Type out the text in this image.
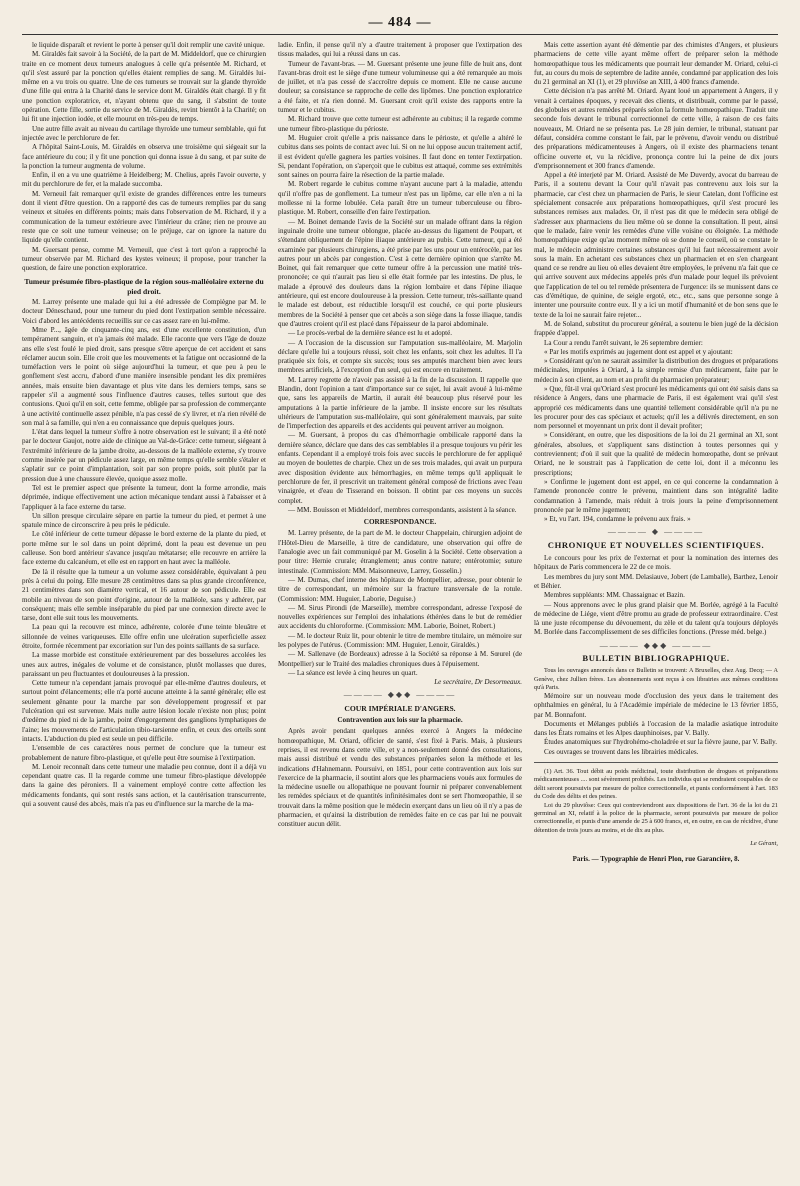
— 484 —

le liquide disparaît et revient le porte à penser qu'il doit remplir une cavité unique.

M. Giraldès fait savoir à la Société, de la part de M. Middeldorf, que ce chirurgien traite en ce moment deux tumeurs analogues à celle qu'a présentée M. Richard, et qu'il s'est assuré par la ponction qu'elles étaient remplies de sang. M. Giraldès lui-même en a vu trois ou quatre. Une de ces tumeurs se trouvait sur la glande thyroïde d'une fille qui entra à la Charité dans le service dont M. Giraldès était chargé. Il y fit une ponction exploratrice, et, n'ayant obtenu que du sang, il s'abstint de toute opération. Cette fille, sortie du service de M. Giraldès, revint bientôt à la Charité; on lui fit une injection iodée, et elle mourut en très-peu de temps.

Une autre fille avait au niveau du cartilage thyroïde une tumeur semblable, qui fut injectée avec le perchlorure de fer.

A l'hôpital Saint-Louis, M. Giraldès en observa une troisième qui siégeait sur la face antérieure du cou; il y fit une ponction qui donna issue à du sang, et par suite de la ponction la tumeur augmenta de volume.

Enfin, il en a vu une quatrième à Heidelberg; M. Chelius, après l'avoir ouverte, y mit du perchlorure de fer, et la malade succomba.

M. Verneuil fait remarquer qu'il existe de grandes différences entre les tumeurs dont il vient d'être question. On a rapporté des cas de tumeurs remplies par du sang veineux et situées en différents points; mais dans l'observation de M. Richard, il y a communication de la tumeur extérieure avec l'intérieur du crâne; rien ne prouve au reste que ce soit une tumeur veineuse; on le préjuge, car on ignore la nature du liquide qu'elle contient.

M. Guersant pense, comme M. Verneuil, que c'est à tort qu'on a rapproché la tumeur observée par M. Richard des kystes veineux; il propose, pour trancher la question, de faire une ponction exploratrice.

Tumeur présumée fibro-plastique de la région sous-malléolaire externe du pied droit.

M. Larrey présente une malade qui lui a été adressée de Compiègne par M. le docteur Déneschaud, pour une tumeur du pied dont l'extirpation semble nécessaire. Voici d'abord les antécédents recueillis sur ce cas assez rare en lui-même.

Mme P..., âgée de cinquante-cinq ans, est d'une excellente constitution, d'un tempérament sanguin, et n'a jamais été malade. Elle raconte que vers l'âge de douze ans elle s'est foulé le pied droit, sans presque s'être aperçue de cet accident et sans réclamer aucun soin. Elle croit que les mouvements et la fatigue ont occasionné de la tuméfaction vers le point où siège aujourd'hui la tumeur, et que peu à peu le gonflement s'est accru, d'abord d'une manière insensible pendant les dix premières années, mais ensuite bien davantage et plus vite dans les derniers temps, sans se rappeler s'il a augmenté sous l'influence d'autres causes, telles surtout que des contusions. Quoi qu'il en soit, cette femme, obligée par sa profession de commerçante à une activité continuelle assez pénible, n'a pas cessé de s'y livrer, et n'a rien révélé de son mal à sa famille, qui n'en a eu connaissance que depuis quelques jours.

L'état dans lequel la tumeur s'offre à notre observation est le suivant; il a été noté par le docteur Gaujot, notre aide de clinique au Val-de-Grâce: cette tumeur, siégeant à l'extrémité inférieure de la jambe droite, au-dessous de la malléole externe, s'y trouve comme insérée par un pédicule assez large, en même temps qu'elle semble s'étaler et s'aplatir sur ce point d'implantation, soit par son propre poids, soit plutôt par la pression due à une chaussure élevée, quoique assez molle.

Tel est le premier aspect que présente la tumeur, dont la forme arrondie, mais déprimée, indique effectivement une action mécanique tendant aussi à l'abaisser et à l'appliquer à la face externe du tarse.

Un sillon presque circulaire sépare en partie la tumeur du pied, et permet à une spatule mince de circonscrire à peu près le pédicule.

Le côté inférieur de cette tumeur dépasse le bord externe de la plante du pied, et porte même sur le sol dans un point déprimé, dont la peau est devenue un peu calleuse. Son bord antérieur s'avance jusqu'au métatarse; elle recouvre en arrière la face externe du calcanéum, et elle est en rapport en haut avec la malléole.

De là il résulte que la tumeur a un volume assez considérable, équivalant à peu près à celui du poing. Elle mesure 28 centimètres dans sa plus grande circonférence, 21 centimètres dans son diamètre vertical, et 16 autour de son pédicule. Elle est mobile au niveau de son point d'origine, autour de la malléole, sans y adhérer, par conséquent; mais elle semble inséparable du pied par une connexion directe avec le tarse, dont elle suit tous les mouvements.

La peau qui la recouvre est mince, adhérente, colorée d'une teinte bleuâtre et sillonnée de veines variqueuses. Elle offre enfin une ulcération superficielle assez étroite, formée récemment par excoriation sur l'un des points saillants de sa surface.

La masse morbide est constituée extérieurement par des bosselures accolées les unes aux autres, inégales de volume et de consistance, plutôt mollasses que dures, paraissant un peu fluctuantes et douloureuses à la pression.

Cette tumeur n'a cependant jamais provoqué par elle-même d'autres douleurs, et surtout point d'élancements; elle n'a porté aucune atteinte à la santé générale; elle est seulement gênante pour la marche par son développement progressif et par l'ulcération qui est survenue. Mais nulle autre lésion locale n'existe non plus; point d'œdème du pied ni de la jambe, point d'engorgement des ganglions lymphatiques de l'aine; les mouvements de l'articulation tibio-tarsienne enfin, et ceux des orteils sont intacts. L'abduction du pied est seule un peu difficile.

L'ensemble de ces caractères nous permet de conclure que la tumeur est probablement de nature fibro-plastique, et qu'elle peut être soumise à l'extirpation.

M. Lenoir reconnaît dans cette tumeur une maladie peu connue, dont il a déjà vu cependant quatre cas. Il la regarde comme une tumeur fibro-plastique développée dans la gaine des péroniers. Il a vainement employé contre cette affection les médicaments fondants, qui sont restés sans action, et la cautérisation transcurrente, qui a souvent causé des abcès, mais n'a pas eu d'influence sur la marche de la ma-

ladie. Enfin, il pense qu'il n'y a d'autre traitement à proposer que l'extirpation des tissus malades, qui lui a réussi dans un cas.

Tumeur de l'avant-bras. — M. Guersant présente une jeune fille de huit ans, dont l'avant-bras droit est le siège d'une tumeur volumineuse qui a été remarquée au mois de juillet, et n'a pas cessé de s'accroître depuis ce moment. Elle ne cause aucune douleur; sa consistance se rapproche de celle des lipômes. Une ponction exploratrice a été faite, et n'a rien donné. M. Guersant croit qu'il existe des rapports entre la tumeur et le cubitus.

M. Richard trouve que cette tumeur est adhérente au cubitus; il la regarde comme une tumeur fibro-plastique du périoste.

M. Huguier croit qu'elle a pris naissance dans le périoste, et qu'elle a altéré le cubitus dans ses points de contact avec lui. Si on ne lui oppose aucun traitement actif, il est évident qu'elle gagnera les parties voisines. Il faut donc en tenter l'extirpation. Si, pendant l'opération, on s'aperçoit que le cubitus est attaqué, comme ses extrémités sont saines on pourra faire la résection de la partie malade.

M. Robert regarde le cubitus comme n'ayant aucune part à la maladie, attendu qu'il n'offre pas de gonflement. La tumeur n'est pas un lipôme, car elle n'en a ni la mollesse ni la forme lobulée. Cela paraît être un tumeur tuberculeuse ou fibro-plastique. M. Robert, conseille d'en faire l'extirpation.

— M. Boinet demande l'avis de la Société sur un malade offrant dans la région inguinale droite une tumeur oblongue, placée au-dessus du ligament de Poupart, et s'étendant obliquement de l'épine iliaque antérieure au pubis. Cette tumeur, qui a été examinée par plusieurs chirurgiens, a été prise par les uns pour un entérocèle, par les autres pour un abcès par congestion. C'est à cette dernière opinion que s'arrête M. Boinet, qui fait remarquer que cette tumeur offre à la percussion une matité très-prononcée; ce qui n'aurait pas lieu si elle était formée par les intestins. De plus, le malade a éprouvé des douleurs dans la région lombaire et dans l'épine iliaque antérieure, qui est encore douloureuse à la pression. Cette tumeur, très-saillante quand le malade est debout, est réductible lorsqu'il est couché, ce qui porte plusieurs membres de la Société à penser que cet abcès a son siège dans la fosse iliaque, tandis que d'autres croient qu'il est placé dans l'épaisseur de la paroi abdominale.

— Le procès-verbal de la dernière séance est lu et adopté.

— A l'occasion de la discussion sur l'amputation sus-malléolaire, M. Marjolin déclare qu'elle lui a toujours réussi, soit chez les enfants, soit chez les adultes. Il l'a pratiquée six fois, et compte six succès; tous ses amputés marchent bien avec leurs membres artificiels, à l'exception d'un seul, qui est encore en traitement.

M. Larrey regrette de n'avoir pas assisté à la fin de la discussion. Il rappelle que Blandin, dont l'opinion a tant d'importance sur ce sujet, lui avait avoué à lui-même que, sans les appareils de Martin, il aurait été beaucoup plus réservé pour les amputations à la partie inférieure de la jambe. Il insiste encore sur les résultats ultérieurs de l'amputation sus-malléolaire, qui sont généralement mauvais, par suite de l'imperfection des appareils et des accidents qui peuvent arriver au moignon.

— M. Guersant, à propos du cas d'hémorrhagie ombilicale rapporté dans la dernière séance, déclare que dans des cas semblables il a presque toujours vu périr les enfants. Cependant il a employé trois fois avec succès le perchlorure de fer appliqué au moyen de boulettes de charpie. Chez un de ses trois malades, qui avait un purpura avec disposition évidente aux hémorrhagies, en même temps qu'il appliquait le perchlorure de fer, il prescrivit un traitement général composé de frictions avec l'eau vinaigrée, et d'eau de Tisserand en boisson. Il obtint par ces moyens un succès complet.

— MM. Bouisson et Middeldorf, membres correspondants, assistent à la séance.

CORRESPONDANCE.

M. Larrey présente, de la part de M. le docteur Chappelain, chirurgien adjoint de l'Hôtel-Dieu de Marseille, à titre de candidature, une observation qui offre de l'analogie avec un fait communiqué par M. Goselin à la Société. Cette observation a pour titre: Hernie crurale; étranglement; anus contre nature; entérotomie; suture intestinale. (Commission: MM. Maisonneuve, Larrey, Gosselin.)

— M. Dumas, chef interne des hôpitaux de Montpellier, adresse, pour obtenir le titre de correspondant, un mémoire sur la fracture transversale de la rotule. (Commission: MM. Huguier, Laborie, Deguise.)

— M. Sirus Pirondi (de Marseille), membre correspondant, adresse l'exposé de nouvelles expériences sur l'emploi des inhalations éthérées dans le but de remédier aux accidents du chloroforme. (Commission: MM. Laborie, Boinet, Robert.)

— M. le docteur Ruiz lit, pour obtenir le titre de membre titulaire, un mémoire sur les polypes de l'utérus. (Commission: MM. Huguier, Lenoir, Giraldès.)

— M. Sallenave (de Bordeaux) adresse à la Société sa réponse à M. Sœurel (de Montpellier) sur le Traité des maladies chroniques dues à l'épuisement.

— La séance est levée à cinq heures un quart.

Le secrétaire, Dr Desormeaux.

———— ◆◆◆ ————
COUR IMPÉRIALE D'ANGERS.
Contravention aux lois sur la pharmacie.

Après avoir pendant quelques années exercé à Angers la médecine homœopathique, M. Oriard, officier de santé, s'est fixé à Paris. Mais, à plusieurs reprises, il est revenu dans cette ville, et y a non-seulement donné des consultations, mais aussi distribué et vendu des substances préparées selon la méthode et les indications d'Hahnemann. Poursuivi, en 1851, pour cette contravention aux lois sur l'exercice de la pharmacie, il soutint alors que les pharmaciens voués aux formules de la médecine usuelle ou allopathique ne pouvant fournir ni préparer convenablement les remèdes spéciaux et de quantités infinitésimales dont se sert l'homœopathie, il se trouvait dans la même position que le médecin exerçant dans un lieu où il n'y a pas de pharmacien, et qu'ainsi la distribution de remèdes faite en ce cas par lui ne pouvait constituer aucun délit.

Mais cette assertion ayant été démentie par des chimistes d'Angers, et plusieurs pharmaciens de cette ville ayant même offert de préparer selon la méthode homœopathique tous les médicaments que pourrait leur demander M. Oriard, celui-ci fut, au cours du mois de septembre de ladite année, condamné par application des lois du 21 germinal an XI (1), et 29 pluviôse an XIII, à 400 francs d'amende.

Cette décision n'a pas arrêté M. Oriard. Ayant loué un appartement à Angers, il y venait à certaines époques, y recevait des clients, et distribuait, comme par le passé, des globules et autres remèdes préparés selon la formule homœopathique. Traduit une seconde fois devant le tribunal correctionnel de cette ville, à raison de ces faits nouveaux, M. Oriard ne se présenta pas. Le 28 juin dernier, le tribunal, statuant par défaut, considéra comme constant le fait, par le prévenu, d'avoir vendu ou distribué des préparations médicamenteuses à Angers, où il existe des pharmaciens tenant officine ouverte et, vu la récidive, prononça contre lui la peine de dix jours d'emprisonnement et 300 francs d'amende.

Appel a été interjeté par M. Oriard. Assisté de Me Duverdy, avocat du barreau de Paris, il a soutenu devant la Cour qu'il n'avait pas contrevenu aux lois sur la pharmacie, car c'est chez un pharmacien de Paris, le sieur Catelan, dont l'officine est spécialement consacrée aux préparations homœopathiques, qu'il s'est procuré les substances remises aux malades. Or, il n'est pas dit que le médecin sera obligé de s'adresser aux pharmaciens du lieu même où se donne la consultation. Il peut, ainsi que le malade, faire venir les remèdes d'une ville voisine ou éloignée. La méthode homœopathique exige qu'au moment même où se donne le conseil, où se constate le mal, le médecin administre certaines substances qu'il lui faut nécessairement avoir sous la main. En achetant ces substances chez un pharmacien et en s'en chargeant quand ce se rendre au lieu où elles devaient être employées, le prévenu n'a fait que ce qui arrive souvent aux médecins appelés près d'un malade pour lequel ils prévoient que l'application de tel ou tel remède présentera de l'urgence: ils se munissent dans ce cas d'émétique, de quinine, de seigle ergoté, etc., etc., sans que personne songe à intenter une poursuite contre eux. Il y a ici un motif d'humanité et de bon sens que le texte de la loi ne saurait faire rejeter...

M. de Soland, substitut du procureur général, a soutenu le bien jugé de la décision frappée d'appel.

La Cour a rendu l'arrêt suivant, le 26 septembre dernier:

« Par les motifs exprimés au jugement dont est appel et y ajoutant:

» Considérant qu'on ne saurait assimiler la distribution des drogues et préparations médicinales, imputées à Oriard, à la simple remise d'un médicament, faite par le médecin à son client, au nom et au profit du pharmacien préparateur;

» Que, fût-il vrai qu'Oriard s'est procuré les médicaments qui ont été saisis dans sa résidence à Angers, dans une pharmacie de Paris, il est également vrai qu'il s'est approprié ces médicaments dans une quantité tellement considérable qu'il n'a pu ne les procurer pour des cas spéciaux et actuels; qu'il les a délivrés directement, en son nom personnel et moyennant un prix dont il devait profiter;

» Considérant, en outre, que les dispositions de la loi du 21 germinal an XI, sont générales, absolues, et s'appliquent sans distinction à toutes personnes qui y contreviennent; d'où il suit que la qualité de médecin homœopathe, dont se prévaut Oriard, ne le soustrait pas à l'application de cette loi, dont il a méconnu les prescriptions;

» Confirme le jugement dont est appel, en ce qui concerne la condamnation à l'amende prononcée contre le prévenu, maintient dans son intégralité ladite condamnation à l'amende, mais réduit à trois jours la peine d'emprisonnement prononcée par le même jugement;

» Et, vu l'art. 194, condamne le prévenu aux frais. »

———— ◆ ————
CHRONIQUE ET NOUVELLES SCIENTIFIQUES.

Le concours pour les prix de l'externat et pour la nomination des internes des hôpitaux de Paris commencera le 22 de ce mois.

Les membres du jury sont MM. Delasiauve, Jobert (de Lamballe), Barthez, Lenoir et Béhier.

Membres suppléants: MM. Chassaignac et Bazin.

— Nous apprenons avec le plus grand plaisir que M. Borlée, agrégé à la Faculté de médecine de Liége, vient d'être promu au grade de professeur extraordinaire. C'est là une juste récompense du dévouement, du zèle et du talent qu'a toujours déployés M. Borlée dans l'accomplissement de ses difficiles fonctions. (Presse méd. belge.)

———— ◆◆◆ ————
BULLETIN BIBLIOGRAPHIQUE.

Tous les ouvrages annoncés dans ce Bulletin se trouvent: A Bruxelles, chez Aug. Decq; — A Genève, chez Jullien frères. Les abonnements sont reçus à ces librairies aux mêmes conditions qu'à Paris.

Mémoire sur un nouveau mode d'occlusion des yeux dans le traitement des ophthalmies en général, lu à l'Académie impériale de médecine le 13 février 1855, par M. Bonnafont.

Documents et Mélanges publiés à l'occasion de la maladie asiatique introduite dans les États romains et les Alpes dauphinoises, par V. Bally.

Études anatomiques sur l'hydrohémo-choladrée et sur la fièvre jaune, par V. Bally.

Ces ouvrages se trouvent dans les librairies médicales.

(1) Art. 36. Tout débit au poids médicinal, toute distribution de drogues et préparations médicamenteuses .... sont sévèrement prohibés. Les individus qui se rendraient coupables de ce délit seront poursuivis par mesure de police correctionnelle, et punis conformément à l'art. 183 du Code des délits et des peines.

Loi du 29 pluviôse: Ceux qui contreviendront aux dispositions de l'art. 36 de la loi du 21 germinal an XI, relatif à la police de la pharmacie, seront poursuivis par mesure de police correctionnelle, et punis d'une amende de 25 à 600 francs, et, en outre, en cas de récidive, d'une détention de trois jours au moins, et de dix au plus.

Le Gérant,
Paris. — Typographie de Henri Plon, rue Garancière, 8.
